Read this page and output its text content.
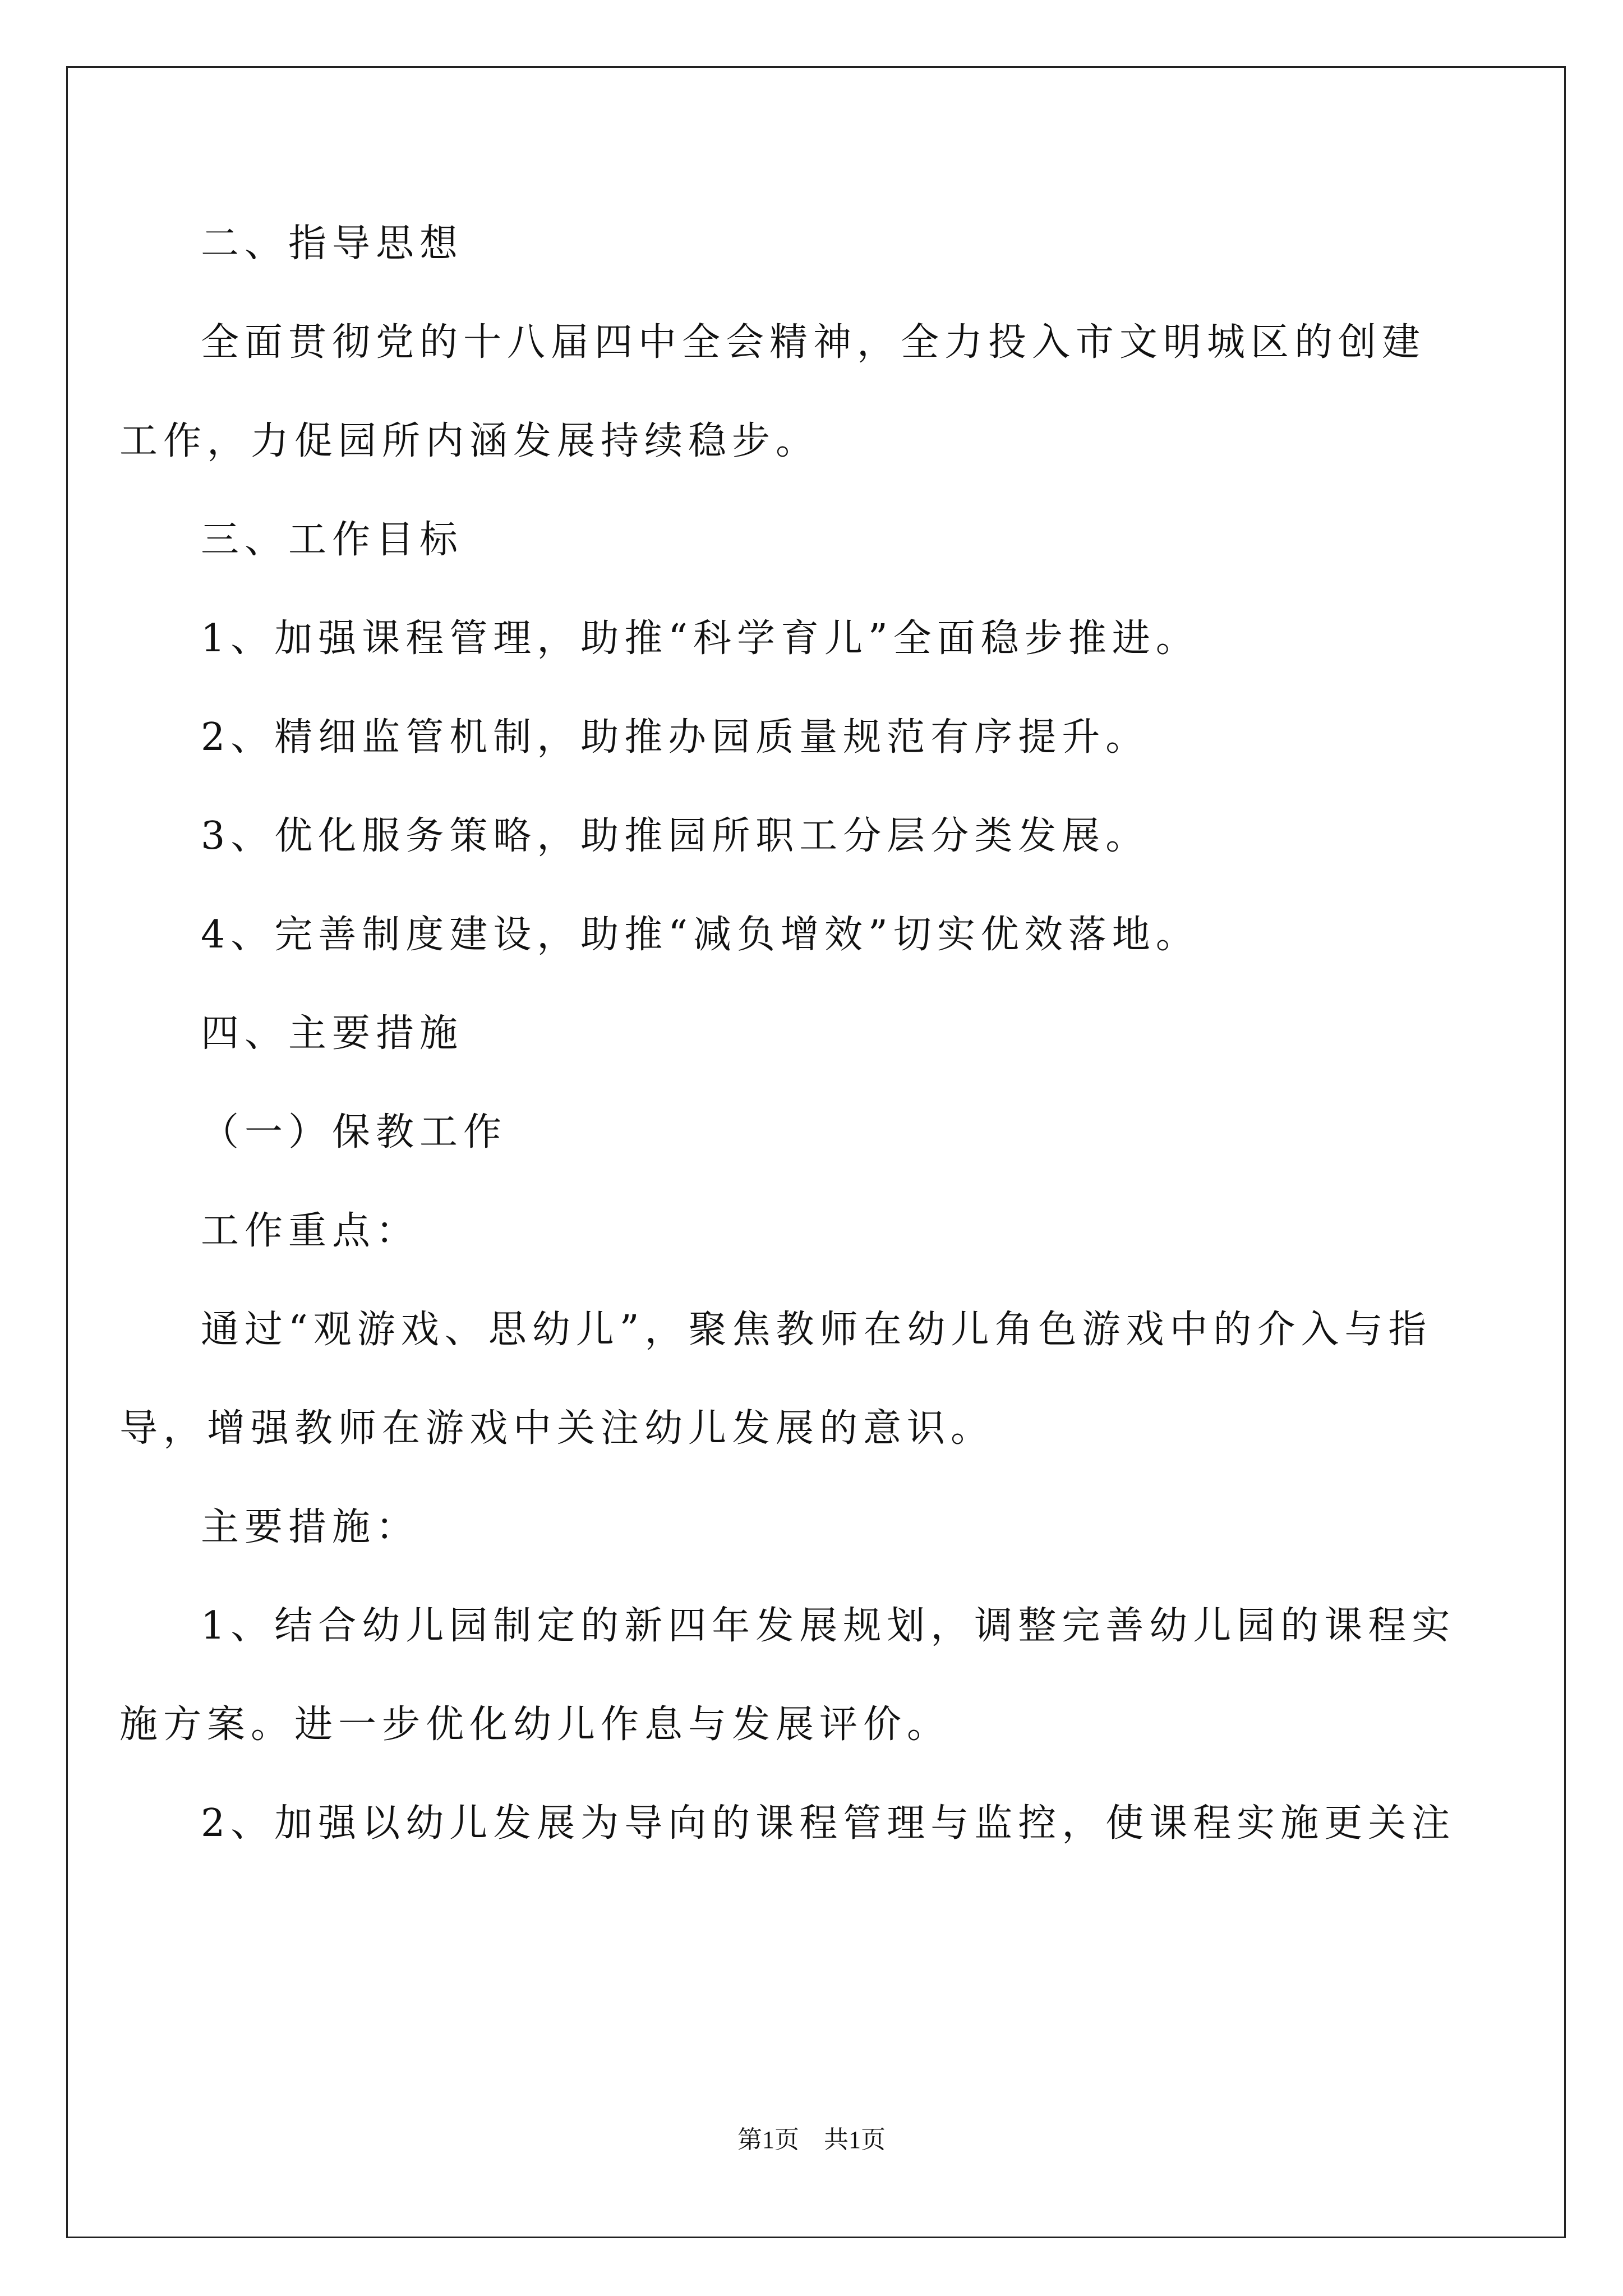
二、指导思想

全面贯彻党的十八届四中全会精神，全力投入市文明城区的创建

工作，力促园所内涵发展持续稳步。

三、工作目标

1、加强课程管理，助推“科学育儿”全面稳步推进。

2、精细监管机制，助推办园质量规范有序提升。

3、优化服务策略，助推园所职工分层分类发展。

4、完善制度建设，助推“减负增效”切实优效落地。

四、主要措施

（一）保教工作

工作重点：

通过“观游戏、思幼儿”，聚焦教师在幼儿角色游戏中的介入与指

导，增强教师在游戏中关注幼儿发展的意识。

主要措施：

1、结合幼儿园制定的新四年发展规划，调整完善幼儿园的课程实

施方案。进一步优化幼儿作息与发展评价。

2、加强以幼儿发展为导向的课程管理与监控，使课程实施更关注

第1页　共1页
